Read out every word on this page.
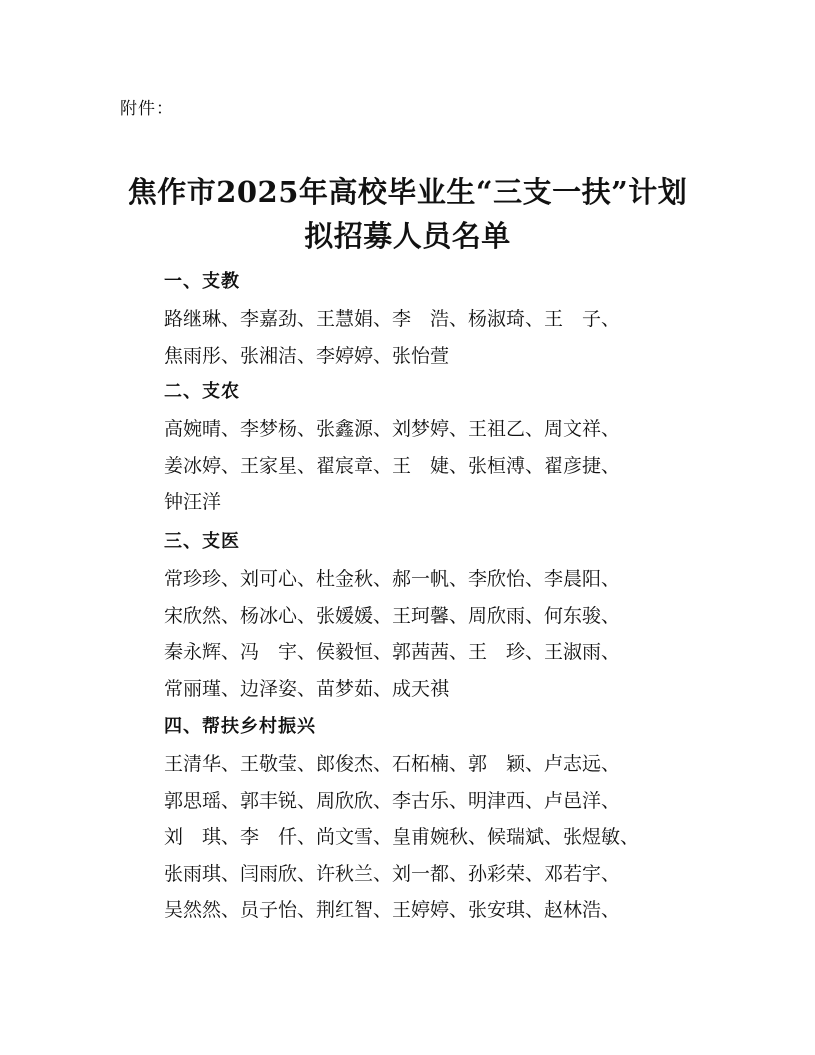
附件：
焦作市2025年高校毕业生“三支一扶”计划
拟招募人员名单
一、支教
路继琳、李嘉劲、王慧娟、李　浩、杨淑琦、王　子、
焦雨彤、张湘洁、李婷婷、张怡萱
二、支农
高婉晴、李梦杨、张鑫源、刘梦婷、王祖乙、周文祥、
姜冰婷、王家星、翟宸章、王　婕、张桓溥、翟彦捷、
钟汪洋
三、支医
常珍珍、刘可心、杜金秋、郝一帆、李欣怡、李晨阳、
宋欣然、杨冰心、张媛媛、王珂馨、周欣雨、何东骏、
秦永辉、冯　宇、侯毅恒、郭茜茜、王　珍、王淑雨、
常丽瑾、边泽姿、苗梦茹、成天祺
四、帮扶乡村振兴
王清华、王敬莹、郎俊杰、石柘楠、郭　颖、卢志远、
郭思瑶、郭丰锐、周欣欣、李古乐、明津西、卢邑洋、
刘　琪、李　仟、尚文雪、皇甫婉秋、候瑞斌、张煜敏、
张雨琪、闫雨欣、许秋兰、刘一都、孙彩荣、邓若宇、
吴然然、员子怡、荆红智、王婷婷、张安琪、赵林浩、
